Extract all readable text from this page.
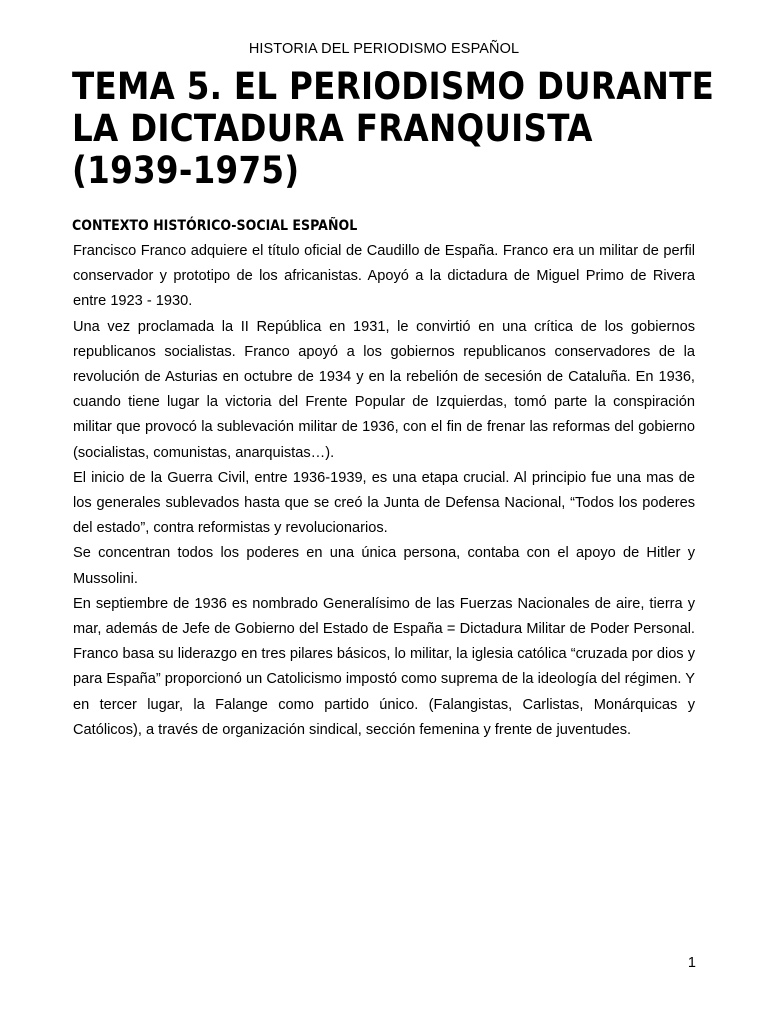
HISTORIA DEL PERIODISMO ESPAÑOL
TEMA 5. EL PERIODISMO DURANTE
LA DICTADURA FRANQUISTA
(1939-1975)
CONTEXTO HISTÓRICO-SOCIAL ESPAÑOL

Francisco Franco adquiere el título oficial de Caudillo de España. Franco era un militar de perfil conservador y prototipo de los africanistas. Apoyó a la dictadura de Miguel Primo de Rivera entre 1923 - 1930.

Una vez proclamada la II República en 1931, le convirtió en una crítica de los gobiernos republicanos socialistas. Franco apoyó a los gobiernos republicanos conservadores de la revolución de Asturias en octubre de 1934 y en la rebelión de secesión de Cataluña. En 1936, cuando tiene lugar la victoria del Frente Popular de Izquierdas, tomó parte la conspiración militar que provocó la sublevación militar de 1936, con el fin de frenar las reformas del gobierno (socialistas, comunistas, anarquistas…).

El inicio de la Guerra Civil, entre 1936-1939, es una etapa crucial. Al principio fue una mas de los generales sublevados hasta que se creó la Junta de Defensa Nacional, “Todos los poderes del estado”, contra reformistas y revolucionarios.

Se concentran todos los poderes en una única persona, contaba con el apoyo de Hitler y Mussolini.

En septiembre de 1936 es nombrado Generalísimo de las Fuerzas Nacionales de aire, tierra y mar, además de Jefe de Gobierno del Estado de España = Dictadura Militar de Poder Personal. Franco basa su liderazgo en tres pilares básicos, lo militar, la iglesia católica “cruzada por dios y para España” proporcionó un Catolicismo impostó como suprema de la ideología del régimen. Y en tercer lugar, la Falange como partido único. (Falangistas, Carlistas, Monárquicas y Católicos), a través de organización sindical, sección femenina y frente de juventudes.

1
